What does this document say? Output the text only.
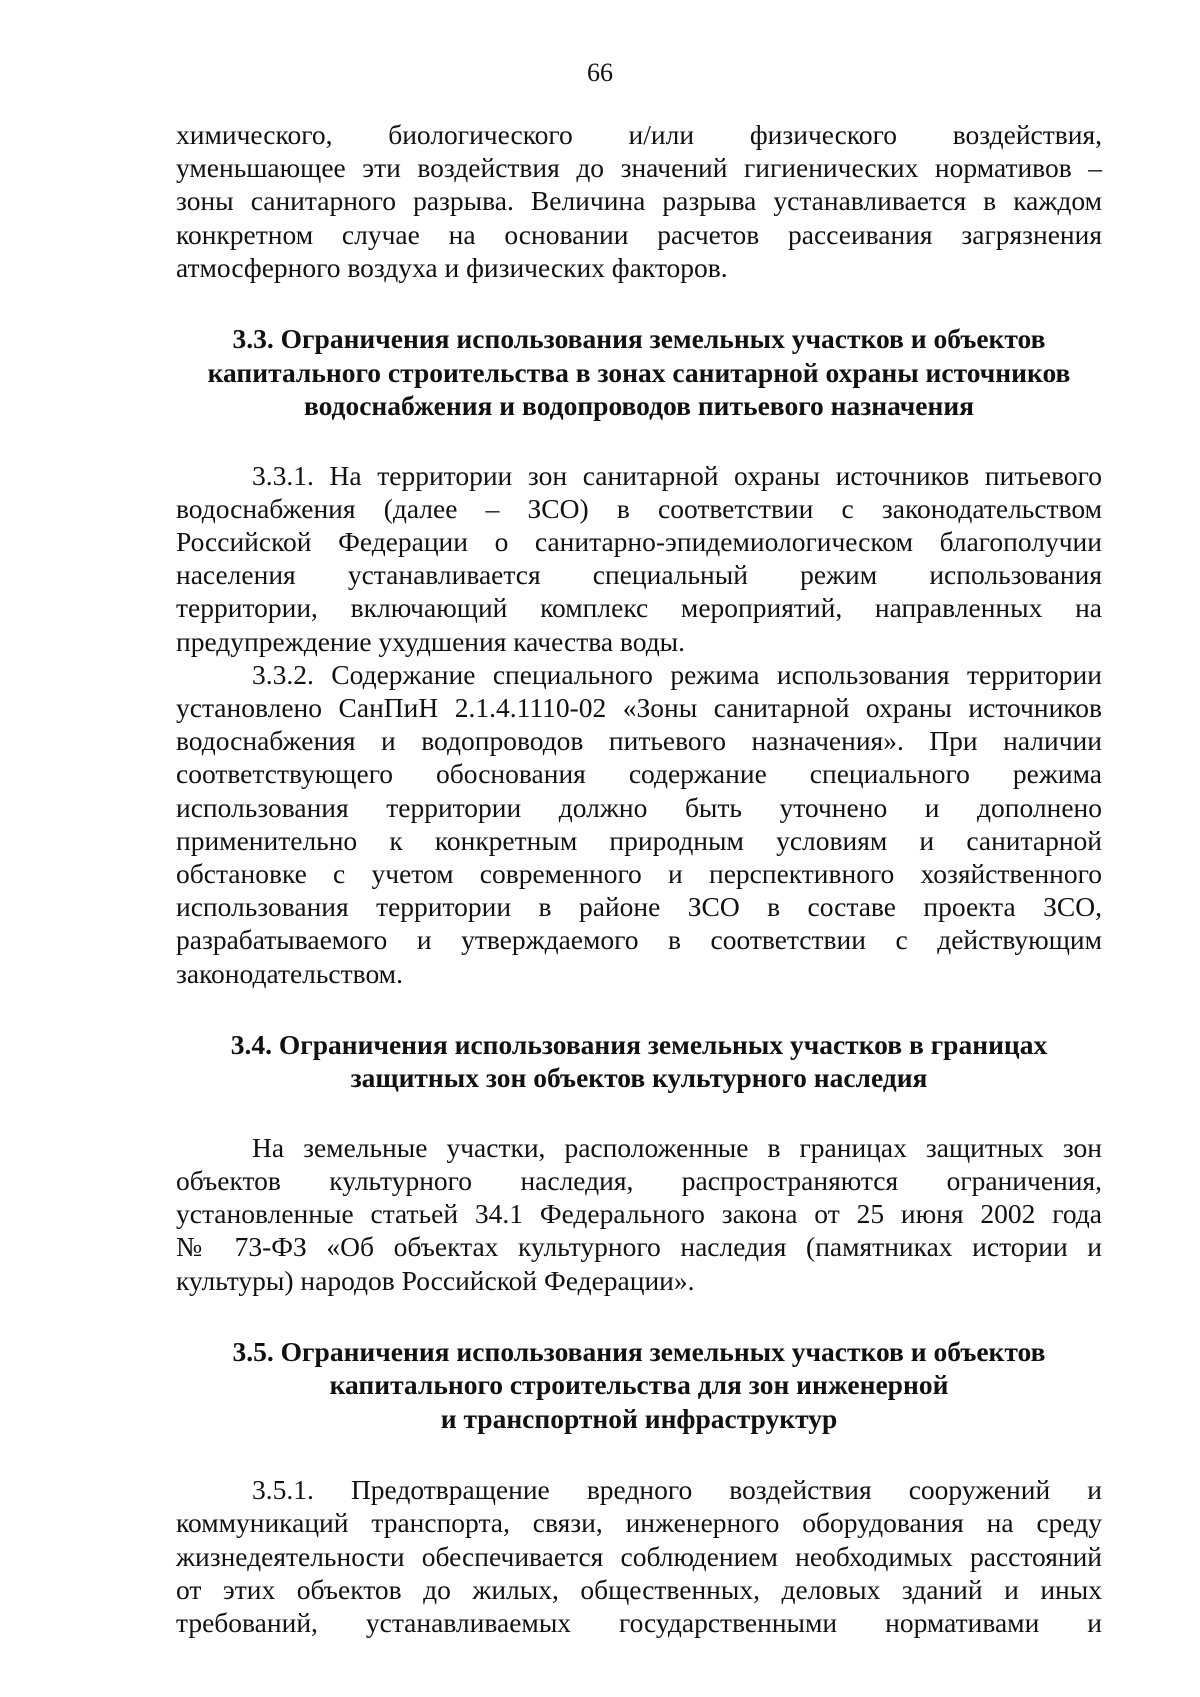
66

химического, биологического и/или физического воздействия,

уменьшающее эти воздействия до значений гигиенических нормативов –

зоны санитарного разрыва. Величина разрыва устанавливается в каждом

конкретном случае на основании расчетов рассеивания загрязнения

атмосферного воздуха и физических факторов.

3.3. Ограничения использования земельных участков и объектов

капитального строительства в зонах санитарной охраны источников

водоснабжения и водопроводов питьевого назначения

3.3.1. На территории зон санитарной охраны источников питьевого

водоснабжения (далее – ЗСО) в соответствии с законодательством

Российской Федерации о санитарно-эпидемиологическом благополучии

населения устанавливается специальный режим использования

территории, включающий комплекс мероприятий, направленных на

предупреждение ухудшения качества воды.

3.3.2. Содержание специального режима использования территории

установлено СанПиН 2.1.4.1110-02 «Зоны санитарной охраны источников

водоснабжения и водопроводов питьевого назначения». При наличии

соответствующего обоснования содержание специального режима

использования территории должно быть уточнено и дополнено

применительно к конкретным природным условиям и санитарной

обстановке с учетом современного и перспективного хозяйственного

использования территории в районе ЗСО в составе проекта ЗСО,

разрабатываемого и утверждаемого в соответствии с действующим

законодательством.

3.4. Ограничения использования земельных участков в границах

защитных зон объектов культурного наследия

На земельные участки, расположенные в границах защитных зон

объектов культурного наследия, распространяются ограничения,

установленные статьей 34.1 Федерального закона от 25 июня 2002 года

№ 73-ФЗ «Об объектах культурного наследия (памятниках истории и

культуры) народов Российской Федерации».

3.5. Ограничения использования земельных участков и объектов

капитального строительства для зон инженерной

и транспортной инфраструктур

3.5.1. Предотвращение вредного воздействия сооружений и

коммуникаций транспорта, связи, инженерного оборудования на среду

жизнедеятельности обеспечивается соблюдением необходимых расстояний

от этих объектов до жилых, общественных, деловых зданий и иных

требований, устанавливаемых государственными нормативами и
